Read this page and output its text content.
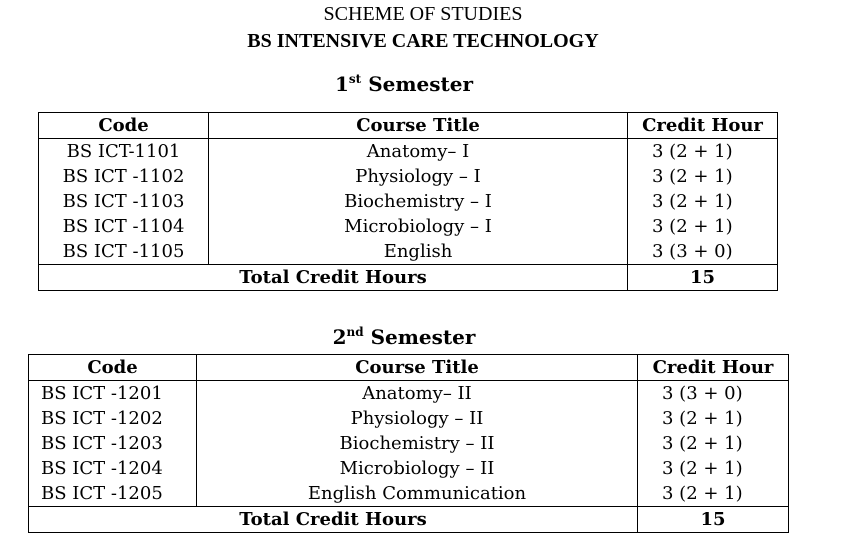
SCHEME OF STUDIES
BS INTENSIVE CARE TECHNOLOGY
1st Semester
Code	Course Title	Credit Hour
BS ICT-1101	Anatomy– I	3 (2 + 1)
BS ICT -1102	Physiology – I	3 (2 + 1)
BS ICT -1103	Biochemistry – I	3 (2 + 1)
BS ICT -1104	Microbiology – I	3 (2 + 1)
BS ICT -1105	English	3 (3 + 0)
Total Credit Hours		15
2nd Semester
Code	Course Title	Credit Hour
BS ICT -1201	Anatomy– II	3 (3 + 0)
BS ICT -1202	Physiology – II	3 (2 + 1)
BS ICT -1203	Biochemistry – II	3 (2 + 1)
BS ICT -1204	Microbiology – II	3 (2 + 1)
BS ICT -1205	English Communication	3 (2 + 1)
Total Credit Hours		15
